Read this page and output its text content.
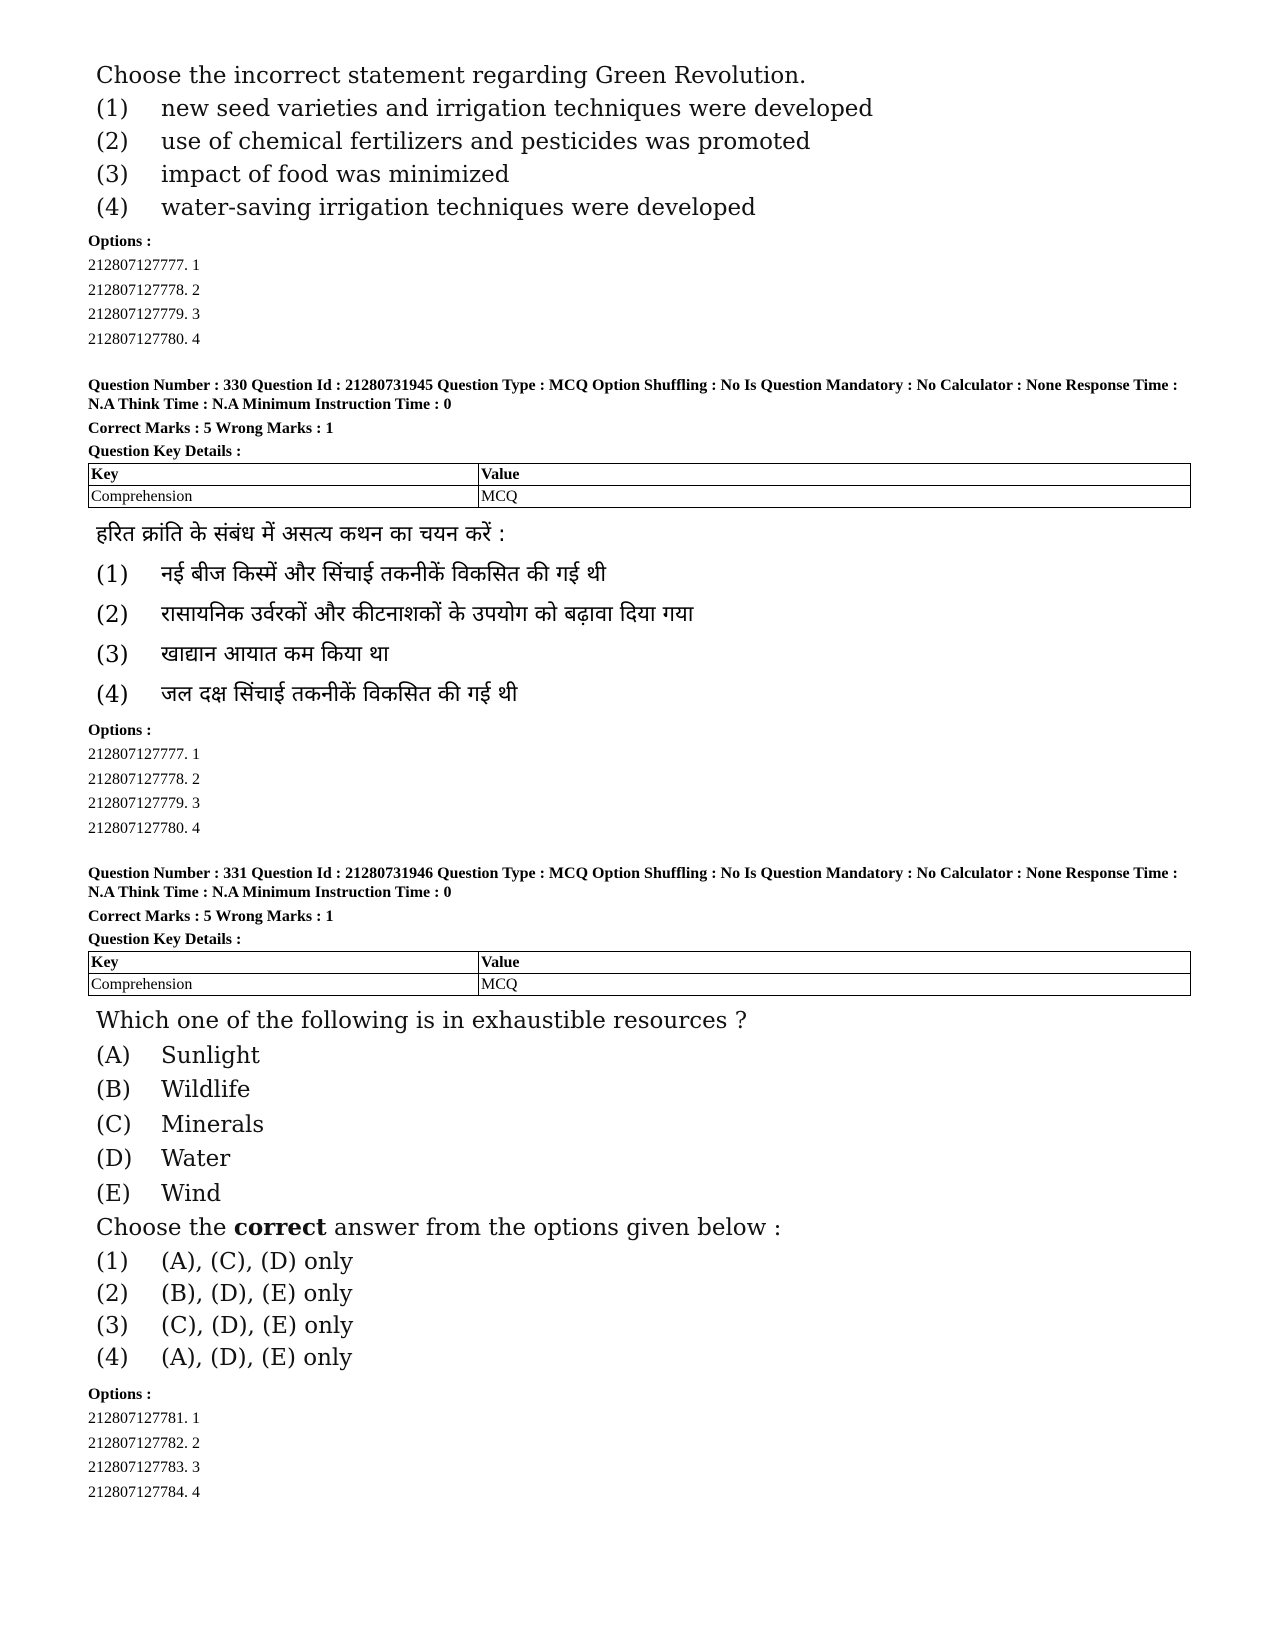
Choose the incorrect statement regarding Green Revolution.

(1)	new seed varieties and irrigation techniques were developed
(2)	use of chemical fertilizers and pesticides was promoted
(3)	impact of food was minimized
(4)	water-saving irrigation techniques were developed
Options :
212807127777. 1
212807127778. 2
212807127779. 3
212807127780. 4
Question Number : 330 Question Id : 21280731945 Question Type : MCQ Option Shuffling : No Is Question Mandatory : No Calculator : None Response Time : N.A Think Time : N.A Minimum Instruction Time : 0
Correct Marks : 5 Wrong Marks : 1
Question Key Details :
Key	Value
Comprehension	MCQ

हरित क्रांति के संबंध में असत्य कथन का चयन करें :

(1)	नई बीज किस्में और सिंचाई तकनीकें विकसित की गई थी
(2)	रासायनिक उर्वरकों और कीटनाशकों के उपयोग को बढ़ावा दिया गया
(3)	खाद्यान आयात कम किया था
(4)	जल दक्ष सिंचाई तकनीकें विकसित की गई थी
Options :
212807127777. 1
212807127778. 2
212807127779. 3
212807127780. 4
Question Number : 331 Question Id : 21280731946 Question Type : MCQ Option Shuffling : No Is Question Mandatory : No Calculator : None Response Time : N.A Think Time : N.A Minimum Instruction Time : 0
Correct Marks : 5 Wrong Marks : 1
Question Key Details :
Key	Value
Comprehension	MCQ

Which one of the following is in exhaustible resources ?

(A)	Sunlight
(B)	Wildlife
(C)	Minerals
(D)	Water
(E)	Wind

Choose the correct answer from the options given below :

(1)	(A), (C), (D) only
(2)	(B), (D), (E) only
(3)	(C), (D), (E) only
(4)	(A), (D), (E) only
Options :
212807127781. 1
212807127782. 2
212807127783. 3
212807127784. 4
